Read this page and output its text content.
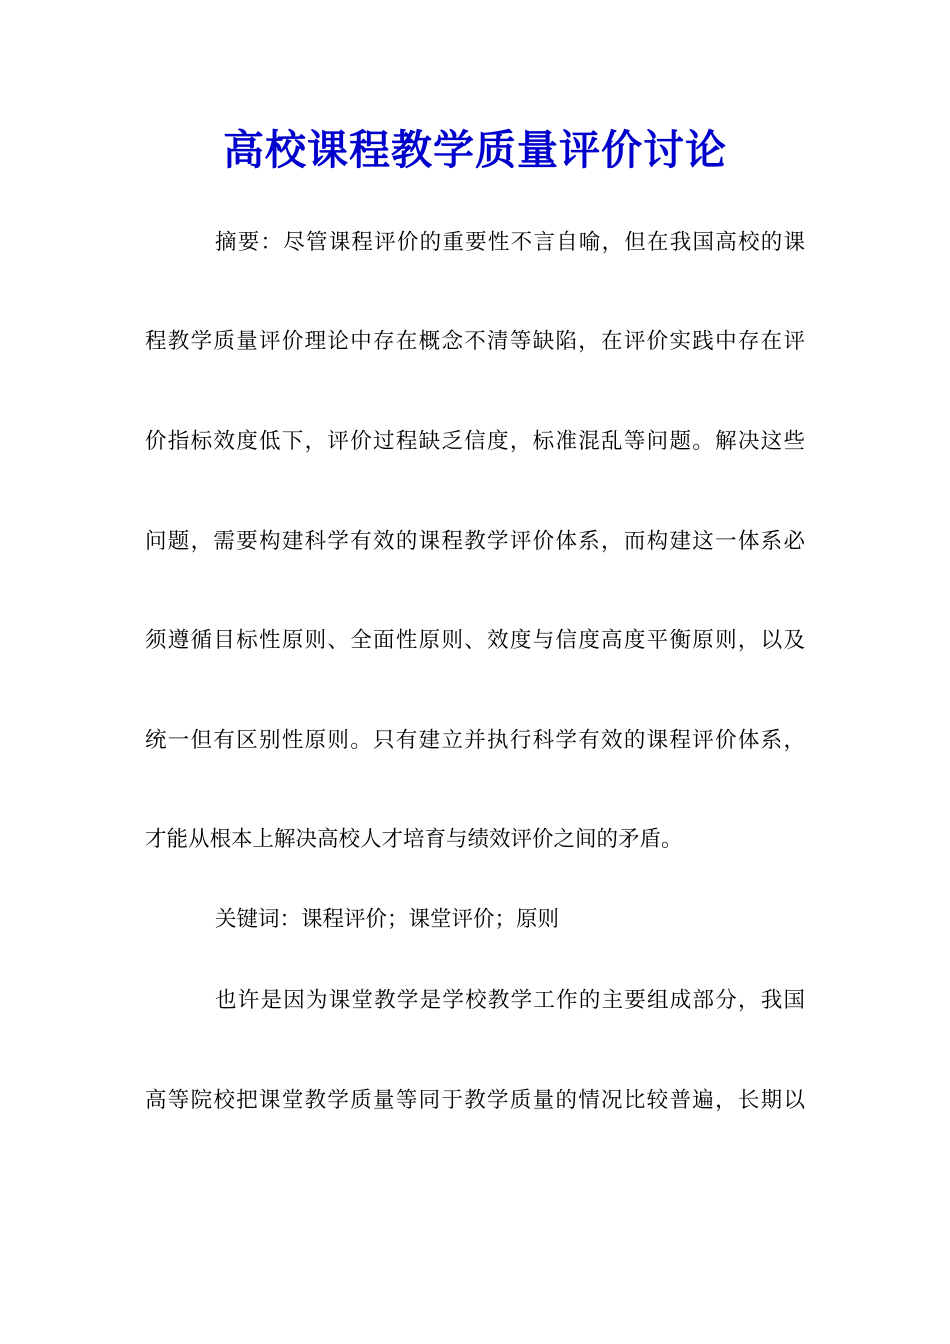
高校课程教学质量评价讨论
摘要：尽管课程评价的重要性不言自喻，但在我国高校的课
程教学质量评价理论中存在概念不清等缺陷，在评价实践中存在评
价指标效度低下，评价过程缺乏信度，标准混乱等问题。解决这些
问题，需要构建科学有效的课程教学评价体系，而构建这一体系必
须遵循目标性原则、全面性原则、效度与信度高度平衡原则，以及
统一但有区别性原则。只有建立并执行科学有效的课程评价体系，
才能从根本上解决高校人才培育与绩效评价之间的矛盾。
关键词：课程评价；课堂评价；原则
也许是因为课堂教学是学校教学工作的主要组成部分，我国
高等院校把课堂教学质量等同于教学质量的情况比较普遍，长期以
